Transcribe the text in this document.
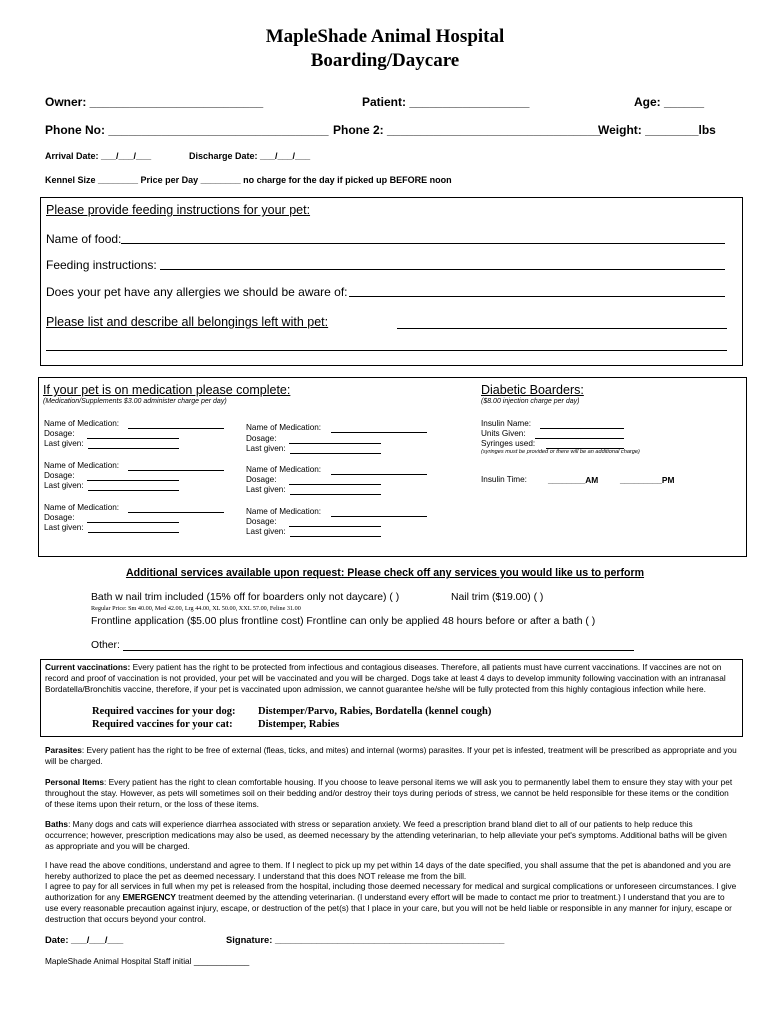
MapleShade Animal Hospital
Boarding/Daycare
Owner: __________________________	Patient: __________________	Age: ______
Phone No: _________________________________ Phone 2: ________________________________
Weight: ________lbs
Arrival Date: ___/___/___	Discharge Date: ___/___/___
Kennel Size ________ Price per Day ________ no charge for the day if picked up BEFORE noon
Please provide feeding instructions for your pet:
Name of food:
Feeding instructions:
Does your pet have any allergies we should be aware of:
Please list and describe all belongings left with pet:
If your pet is on medication please complete:
(Medication/Supplements $3.00 administer charge per day)
Name of Medication:
Dosage:
Last given:
Name of Medication:
Dosage:
Last given:
Name of Medication:
Dosage:
Last given:
Name of Medication:
Dosage:
Last given:
Name of Medication:
Dosage:
Last given:
Name of Medication:
Dosage:
Last given:
Diabetic Boarders:
($8.00 injection charge per day)
Insulin Name:
Units Given:
Syringes used:
(syringes must be provided or there will be an additional charge)
Insulin Time:	________AM	_________PM
Additional services available upon request: Please check off any services you would like us to perform
Bath w nail trim included (15% off for boarders only not daycare) ( )	Nail trim ($19.00) ( )
Regular Price: Sm 40.00, Med 42.00, Lrg 44.00, XL 50.00, XXL 57.00, Feline 31.00
Frontline application ($5.00 plus frontline cost) Frontline can only be applied 48 hours before or after a bath ( )
Other:
Current vaccinations: Every patient has the right to be protected from infectious and contagious diseases. Therefore, all patients must have current vaccinations. If vaccines are not on record and proof of vaccination is not provided, your pet will be vaccinated and you will be charged. Dogs take at least 4 days to develop immunity following vaccination with an intranasal Bordatella/Bronchitis vaccine, therefore, if your pet is vaccinated upon admission, we cannot guarantee he/she will be fully protected from this highly contagious infection while here.
Required vaccines for your dog: Distemper/Parvo, Rabies, Bordatella (kennel cough)
Required vaccines for your cat: Distemper, Rabies
Parasites: Every patient has the right to be free of external (fleas, ticks, and mites) and internal (worms) parasites. If your pet is infested, treatment will be prescribed as appropriate and you will be charged.
Personal Items: Every patient has the right to clean comfortable housing. If you choose to leave personal items we will ask you to permanently label them to ensure they stay with your pet throughout the stay. However, as pets will sometimes soil on their bedding and/or destroy their toys during periods of stress, we cannot be held responsible for these items or the condition of these items upon their return, or the loss of these items.
Baths: Many dogs and cats will experience diarrhea associated with stress or separation anxiety. We feed a prescription brand bland diet to all of our patients to help reduce this occurrence; however, prescription medications may also be used, as deemed necessary by the attending veterinarian, to help alleviate your pet's symptoms. Additional baths will be given as appropriate and you will be charged.
I have read the above conditions, understand and agree to them. If I neglect to pick up my pet within 14 days of the date specified, you shall assume that the pet is abandoned and you are hereby authorized to place the pet as deemed necessary. I understand that this does NOT release me from the bill.
I agree to pay for all services in full when my pet is released from the hospital, including those deemed necessary for medical and surgical complications or unforeseen circumstances. I give authorization for any EMERGENCY treatment deemed by the attending veterinarian. (I understand every effort will be made to contact me prior to treatment.) I understand that you are to use every reasonable precaution against injury, escape, or destruction of the pet(s) that I place in your care, but you will not be held liable or responsible in any manner for injury, escape or destruction that occurs beyond your control.
Date: ___/___/___	Signature: ____________________________________________
MapleShade Animal Hospital Staff initial ____________
